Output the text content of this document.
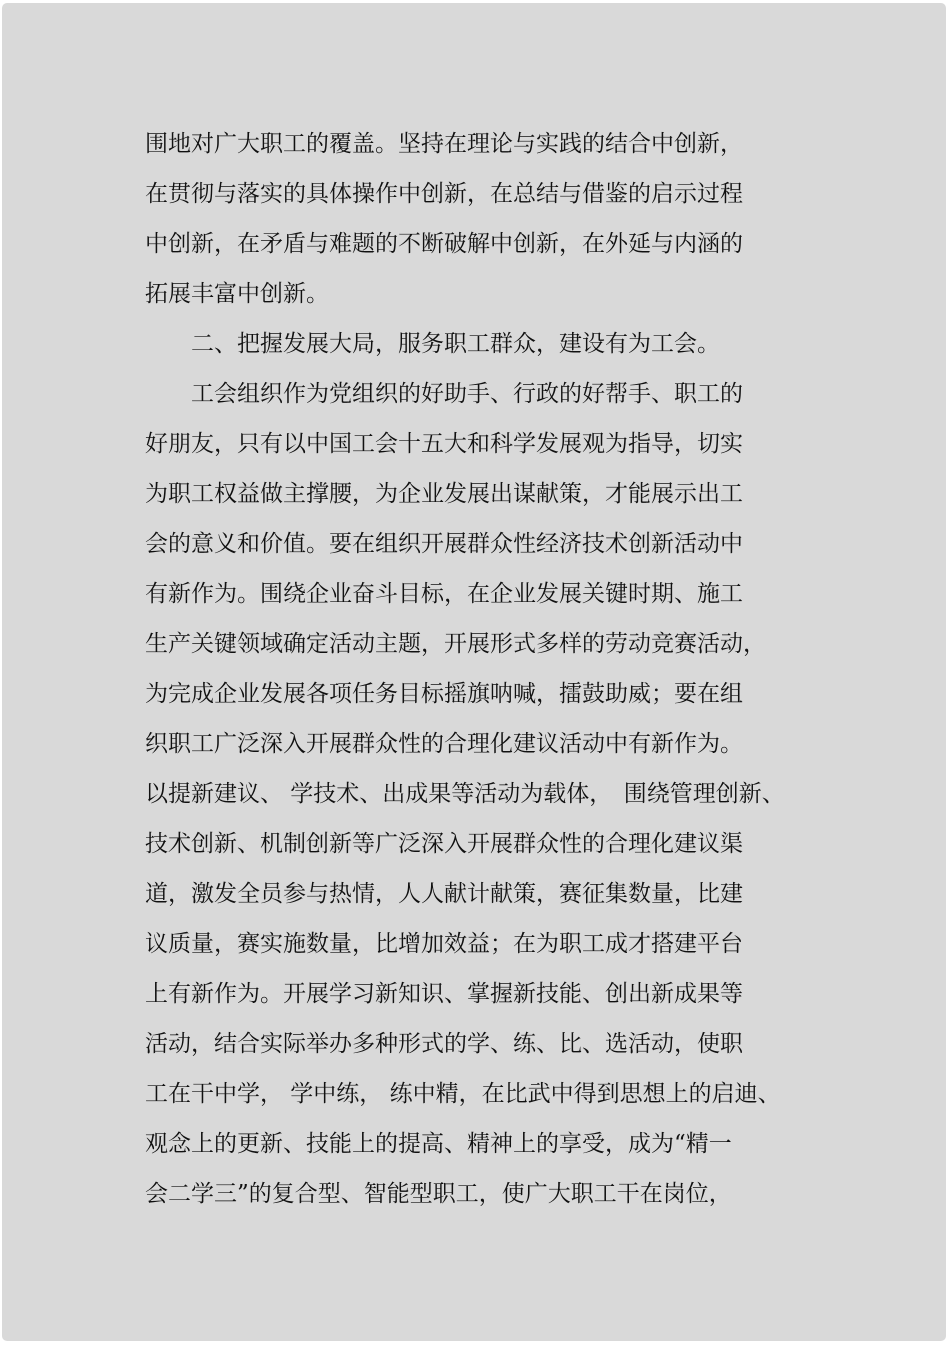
围地对广大职工的覆盖。坚持在理论与实践的结合中创新，
在贯彻与落实的具体操作中创新，在总结与借鉴的启示过程
中创新，在矛盾与难题的不断破解中创新，在外延与内涵的
拓展丰富中创新。
　　二、把握发展大局，服务职工群众，建设有为工会。
　　工会组织作为党组织的好助手、行政的好帮手、职工的
好朋友，只有以中国工会十五大和科学发展观为指导，切实
为职工权益做主撑腰，为企业发展出谋献策，才能展示出工
会的意义和价值。要在组织开展群众性经济技术创新活动中
有新作为。围绕企业奋斗目标，在企业发展关键时期、施工
生产关键领域确定活动主题，开展形式多样的劳动竞赛活动，
为完成企业发展各项任务目标摇旗呐喊，擂鼓助威；要在组
织职工广泛深入开展群众性的合理化建议活动中有新作为。
以提新建议、 学技术、出成果等活动为载体，　围绕管理创新、
技术创新、机制创新等广泛深入开展群众性的合理化建议渠
道，激发全员参与热情，人人献计献策，赛征集数量，比建
议质量，赛实施数量，比增加效益；在为职工成才搭建平台
上有新作为。开展学习新知识、掌握新技能、创出新成果等
活动，结合实际举办多种形式的学、练、比、选活动，使职
工在干中学， 学中练， 练中精，在比武中得到思想上的启迪、
观念上的更新、技能上的提高、精神上的享受，成为“精一
会二学三”的复合型、智能型职工，使广大职工干在岗位，
